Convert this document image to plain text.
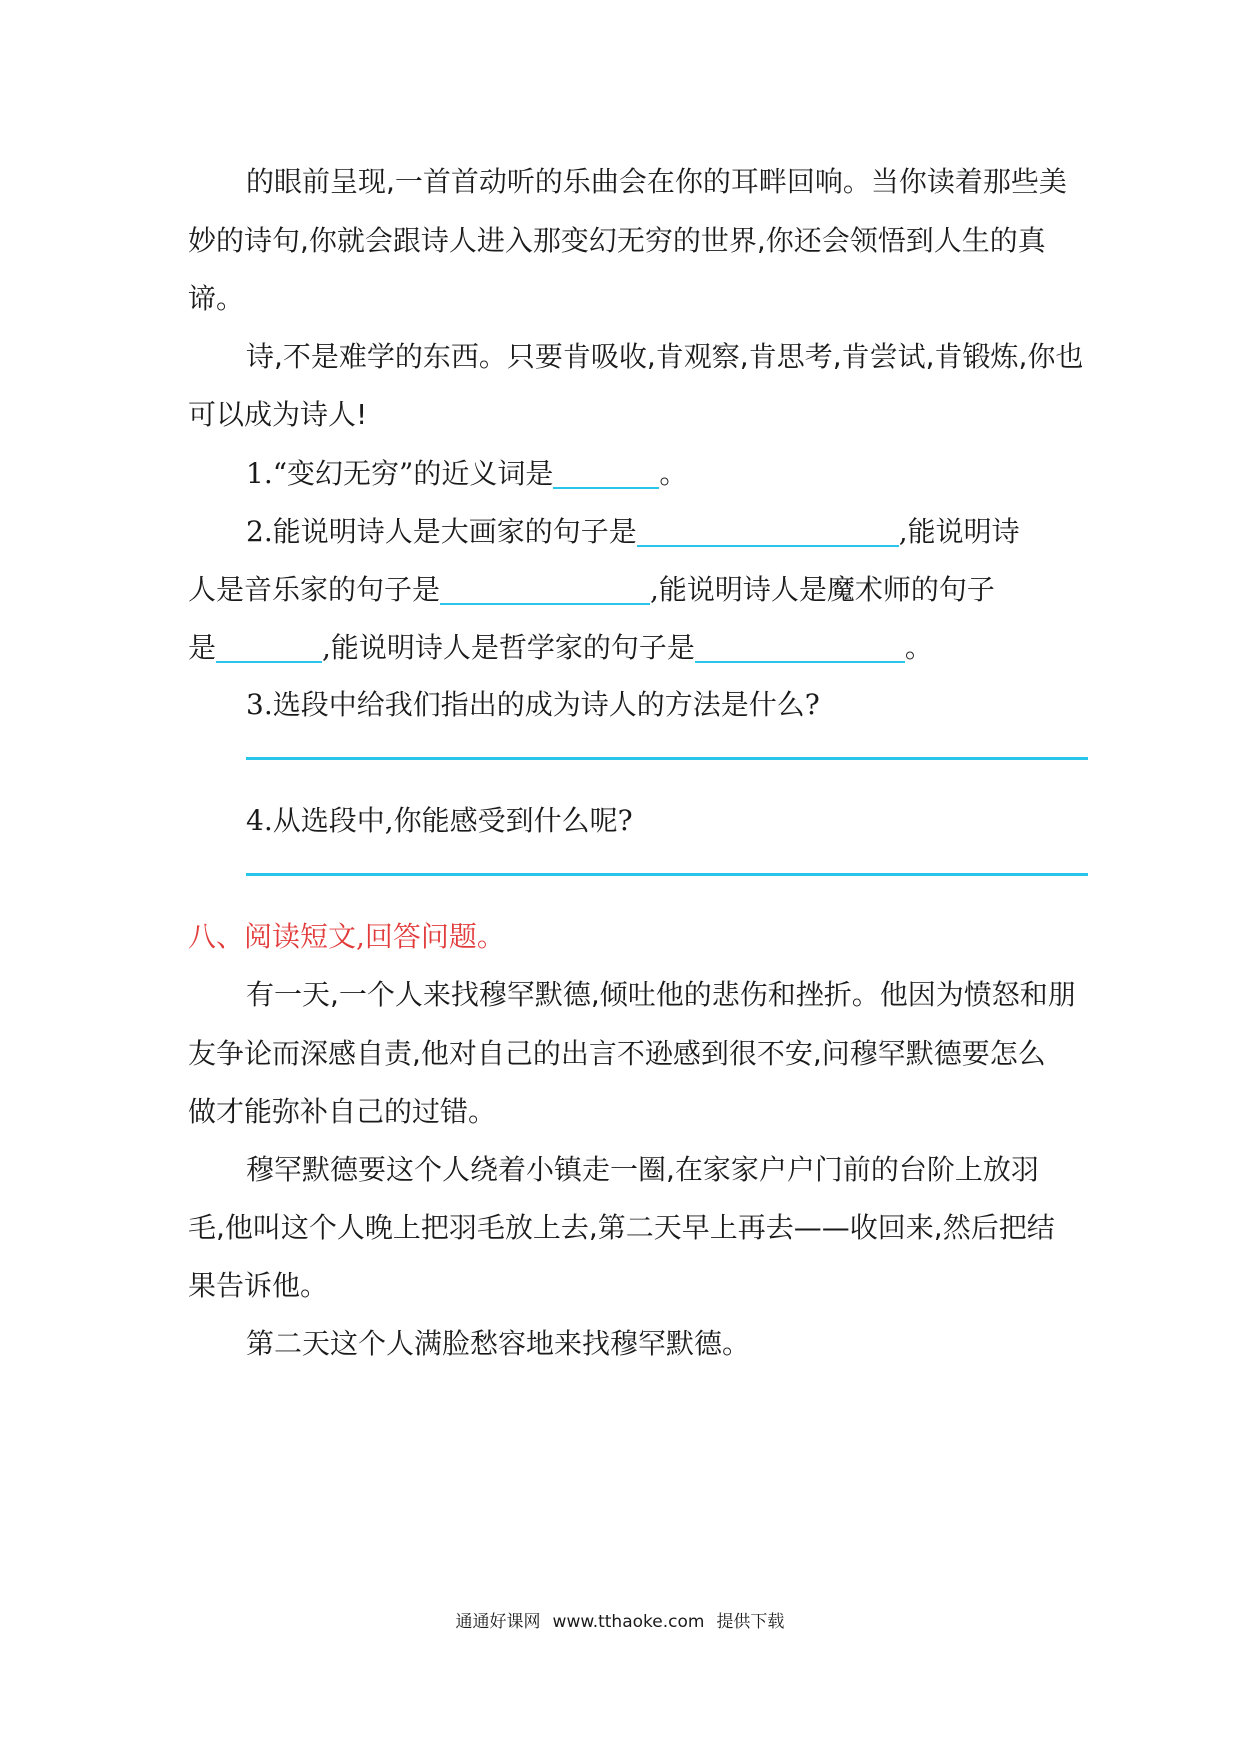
的眼前呈现,一首首动听的乐曲会在你的耳畔回响。当你读着那些美
妙的诗句,你就会跟诗人进入那变幻无穷的世界,你还会领悟到人生的真
谛。
诗,不是难学的东西。只要肯吸收,肯观察,肯思考,肯尝试,肯锻炼,你也
可以成为诗人!
1.“变幻无穷”的近义词是	。
2.能说明诗人是大画家的句子是	,能说明诗
人是音乐家的句子是	,能说明诗人是魔术师的句子
是	,能说明诗人是哲学家的句子是	。
3.选段中给我们指出的成为诗人的方法是什么?
4.从选段中,你能感受到什么呢?
八、阅读短文,回答问题。
有一天,一个人来找穆罕默德,倾吐他的悲伤和挫折。他因为愤怒和朋
友争论而深感自责,他对自己的出言不逊感到很不安,问穆罕默德要怎么
做才能弥补自己的过错。
穆罕默德要这个人绕着小镇走一圈,在家家户户门前的台阶上放羽
毛,他叫这个人晚上把羽毛放上去,第二天早上再去——收回来,然后把结
果告诉他。
第二天这个人满脸愁容地来找穆罕默德。
通通好课网 www.tthaoke.com 提供下载
